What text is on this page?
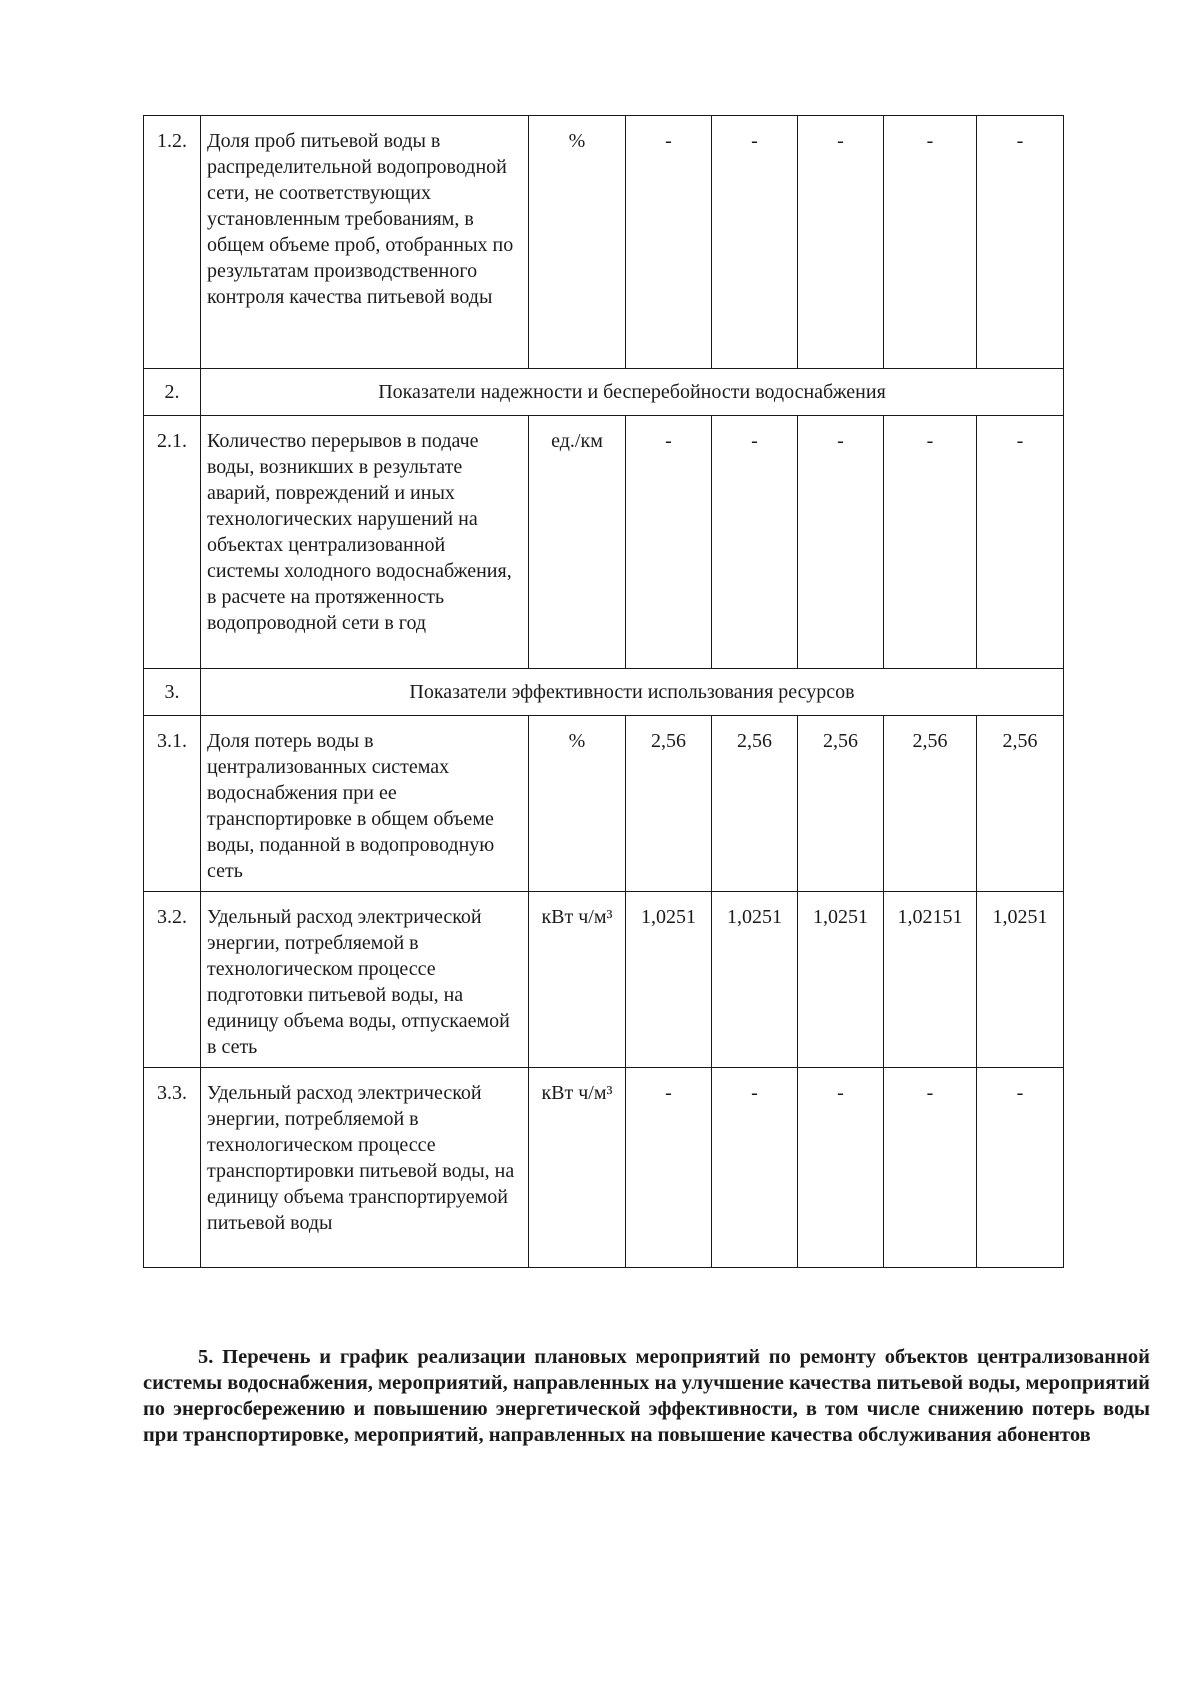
1.2.	Доля проб питьевой воды в распределительной водопроводной сети, не соответствующих установленным требованиям, в общем объеме проб, отобранных по результатам производственного контроля качества питьевой воды	%	-	-	-	-	-
2.	Показатели надежности и бесперебойности водоснабжения						
2.1.	Количество перерывов в подаче воды, возникших в результате аварий, повреждений и иных технологических нарушений на объектах централизованной системы холодного водоснабжения, в расчете на протяженность водопроводной сети в год	ед./км	-	-	-	-	-
3.	Показатели эффективности использования ресурсов						
3.1.	Доля потерь воды в централизованных системах водоснабжения при ее транспортировке в общем объеме воды, поданной в водопроводную сеть	%	2,56	2,56	2,56	2,56	2,56
3.2.	Удельный расход электрической энергии, потребляемой в технологическом процессе подготовки питьевой воды, на единицу объема воды, отпускаемой в сеть	кВт ч/м³	1,0251	1,0251	1,0251	1,02151	1,0251
3.3.	Удельный расход электрической энергии, потребляемой в технологическом процессе транспортировки питьевой воды, на единицу объема транспортируемой питьевой воды	кВт ч/м³	-	-	-	-	-

5. Перечень и график реализации плановых мероприятий по ремонту объектов централизованной системы водоснабжения, мероприятий, направленных на улучшение качества питьевой воды, мероприятий по энергосбережению и повышению энергетической эффективности, в том числе снижению потерь воды при транспортировке, мероприятий, направленных на повышение качества обслуживания абонентов
